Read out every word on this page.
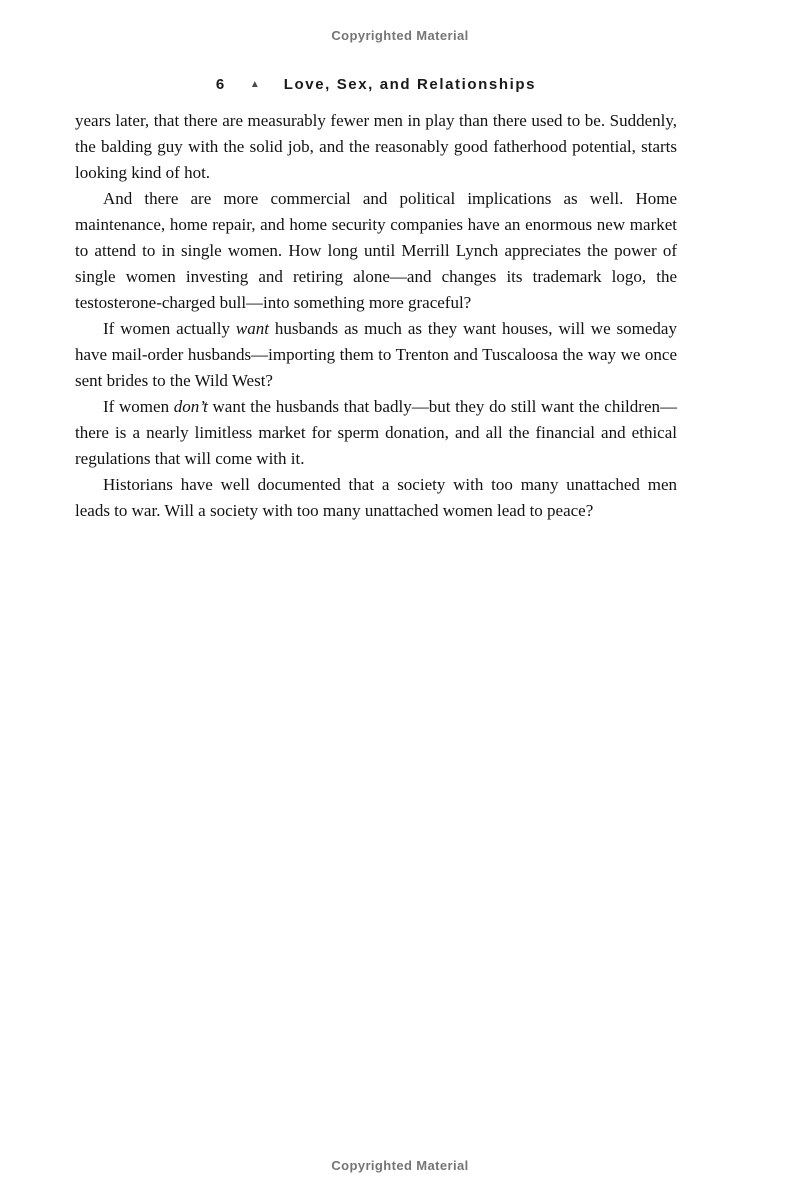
Copyrighted Material
6 ▲ Love, Sex, and Relationships

years later, that there are measurably fewer men in play than there used to be. Suddenly, the balding guy with the solid job, and the reasonably good fatherhood potential, starts looking kind of hot.

And there are more commercial and political implications as well. Home maintenance, home repair, and home security companies have an enormous new market to attend to in single women. How long until Merrill Lynch appreciates the power of single women investing and retiring alone—and changes its trademark logo, the testosterone-charged bull—into something more graceful?

If women actually want husbands as much as they want houses, will we someday have mail-order husbands—importing them to Trenton and Tuscaloosa the way we once sent brides to the Wild West?

If women don’t want the husbands that badly—but they do still want the children—there is a nearly limitless market for sperm donation, and all the financial and ethical regulations that will come with it.

Historians have well documented that a society with too many unattached men leads to war. Will a society with too many unattached women lead to peace?

Copyrighted Material
